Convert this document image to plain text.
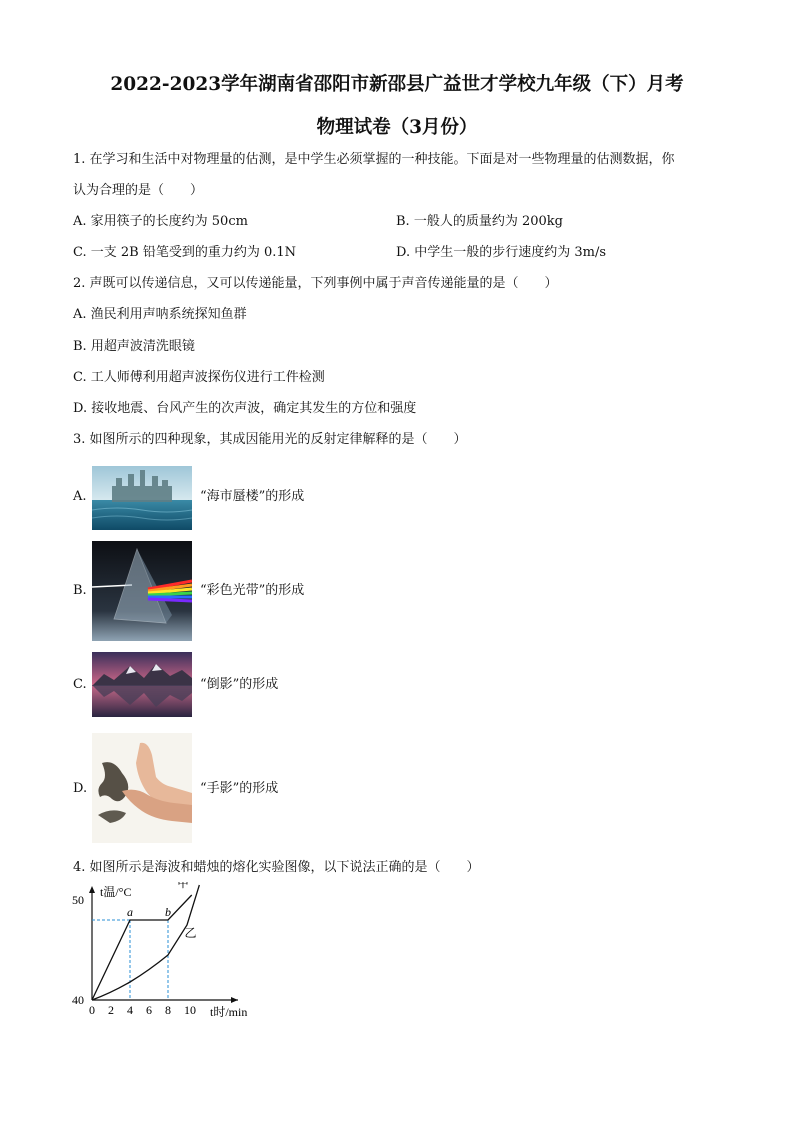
2022-2023学年湖南省邵阳市新邵县广益世才学校九年级（下）月考
物理试卷（3月份）
1. 在学习和生活中对物理量的估测，是中学生必须掌握的一种技能。下面是对一些物理量的估测数据，你
认为合理的是（　　）
A. 家用筷子的长度约为 50cm	B. 一般人的质量约为 200kg
C. 一支 2B 铅笔受到的重力约为 0.1N	D. 中学生一般的步行速度约为 3m/s
2. 声既可以传递信息，又可以传递能量，下列事例中属于声音传递能量的是（　　）
A. 渔民利用声呐系统探知鱼群
B. 用超声波清洗眼镜
C. 工人师傅利用超声波探伤仪进行工件检测
D. 接收地震、台风产生的次声波，确定其发生的方位和强度
3. 如图所示的四种现象，其成因能用光的反射定律解释的是（　　）
A.	“海市蜃楼”的形成
B.	“彩色光带”的形成
C.	“倒影”的形成
D.	“手影”的形成
4. 如图所示是海波和蜡烛的熔化实验图像，以下说法正确的是（　　）
t温/°C
t时/min
0 2 4 6 8 10
40
50
甲
乙
a	b
